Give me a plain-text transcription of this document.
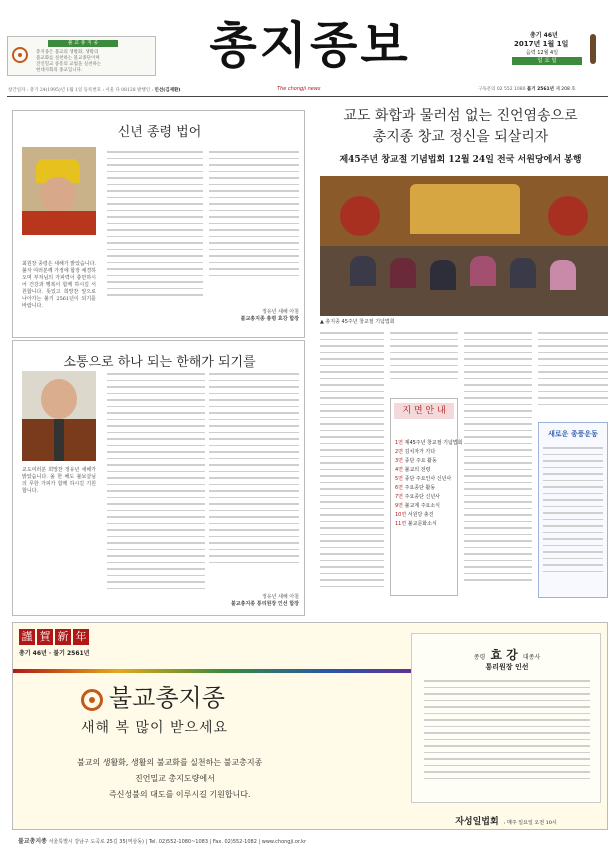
불 교 총 지 종
총지종은 불교의 생활화, 생활의
불교화를 실천하는 불교종단이며
진언밀교 중흥의 교법을 실천하는
현대사회의 종교입니다.	총지종보	총기 46년
2017년 1월 1일
음력 12월 4일
일 요 일
창간일자 : 총기 24(1995)년 1월 1일 등록번호 : 서울 다 08128 발행인 : 인선(김재환)	The chongji news	구독문의 02 552 1080 불기 2561년 제 208 호
신년 종령 법어
최원장 종령은 새해가 밝았습니다. 불자 여러분께 가정에 합장 예경하오며 부처님의 가피력이 충만하시어 건강과 행복이 함께 하시길 서원합니다. 뜻있고 희망찬 앞으로 나아가는 불기 2561년이 되기를 바랍니다.
정유년 새해 아침
불교총지종 총령 효강 합장
소통으로 하나 되는 한해가 되기를
교도여러분 희망찬 정유년 새해가 밝았습니다. 올 한 해도 불보살님의 무한 가피가 함께 하시길 기원합니다.
정유년 새해 아침
불교총지종 통리원장 인선 합장
교도 화합과 물러섬 없는 진언염송으로
총지종 창교 정신을 되살리자
제45주년 창교절 기념법회 12월 24일 전국 서원당에서 봉행
▲ 총지종 45주년 창교절 기념법회
지 면 안 내
1면 제45주년 창교절 기념법회
2면 김치자가 가다
3면 종단 주요 활동
4면 불교의 전령
5면 종단 주요인사 신년사
6면 주요종단 활동
7면 주요종단 신년사
9면 불교계 주요소식
10면 서원당 총진
11면 불교문화소식
새로운 종풍운동
謹 賀 新 年
총기 46년 · 불기 2561년
불교총지종
새해 복 많이 받으세요
불교의 생활화, 생활의 불교화를 실천하는 불교총지종
진언밀교 총지도량에서
즉신성불의 대도를 이루시길 기원합니다.
종령 효 강 대종사
통리원장 인선
자성일법회 : 매주 일요일 오전 10시
불교총지종 서울특별시 강남구 도곡로 25길 35(역삼동) | Tel. 02)552-1080~1083 | Fax. 02)552-1082 | www.chongji.or.kr
